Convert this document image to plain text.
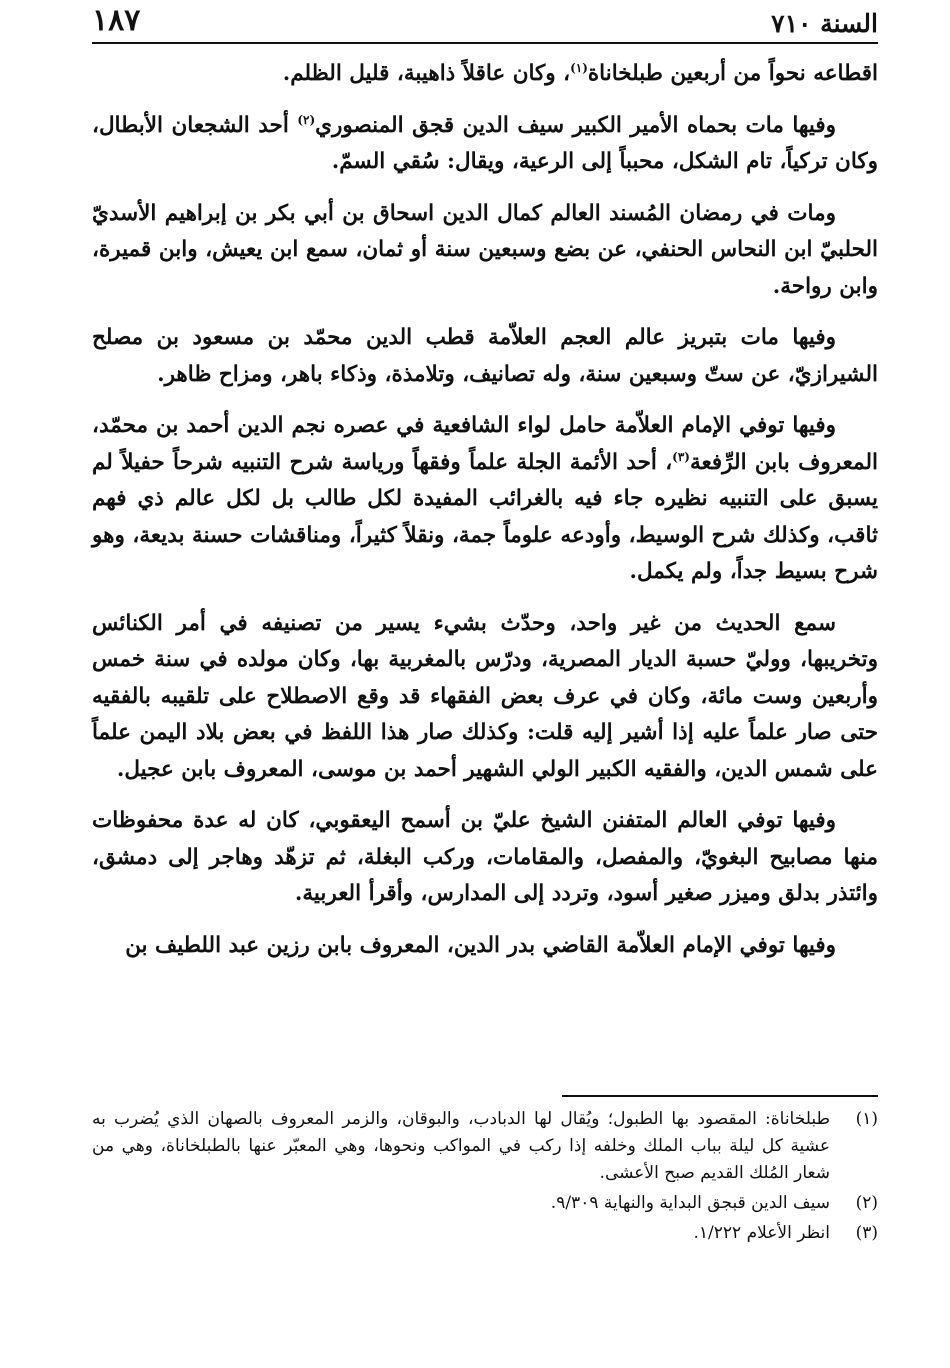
١٨٧	السنة ٧١٠

اقطاعه نحواً من أربعين طبلخاناة$^{(١)}$، وكان عاقلاً ذاهيبة، قليل الظلم.

وفيها مات بحماه الأمير الكبير سيف الدين قجق المنصوري$^{(٢)}$ أحد الشجعان الأبطال، وكان تركياً، تام الشكل، محبباً إلى الرعية، ويقال: سُقي السمّ.

ومات في رمضان المُسند العالم كمال الدين اسحاق بن أبي بكر بن إبراهيم الأسديّ الحلبيّ ابن النحاس الحنفي، عن بضع وسبعين سنة أو ثمان، سمع ابن يعيش، وابن قميرة، وابن رواحة.

وفيها مات بتبريز عالم العجم العلاّمة قطب الدين محمّد بن مسعود بن مصلح الشيرازيّ، عن ستّ وسبعين سنة، وله تصانيف، وتلامذة، وذكاء باهر، ومزاح ظاهر.

وفيها توفي الإمام العلاّمة حامل لواء الشافعية في عصره نجم الدين أحمد بن محمّد، المعروف بابن الرِّفعة$^{(٣)}$، أحد الأئمة الجلة علماً وفقهاً ورياسة شرح التنبيه شرحاً حفيلاً لم يسبق على التنبيه نظيره جاء فيه بالغرائب المفيدة لكل طالب بل لكل عالم ذي فهم ثاقب، وكذلك شرح الوسيط، وأودعه علوماً جمة، ونقلاً كثيراً، ومناقشات حسنة بديعة، وهو شرح بسيط جداً، ولم يكمل.

سمع الحديث من غير واحد، وحدّث بشيء يسير من تصنيفه في أمر الكنائس وتخريبها، ووليّ حسبة الديار المصرية، ودرّس بالمغربية بها، وكان مولده في سنة خمس وأربعين وست مائة، وكان في عرف بعض الفقهاء قد وقع الاصطلاح على تلقيبه بالفقيه حتى صار علماً عليه إذا أشير إليه قلت: وكذلك صار هذا اللفظ في بعض بلاد اليمن علماً على شمس الدين، والفقيه الكبير الولي الشهير أحمد بن موسى، المعروف بابن عجيل.

وفيها توفي العالم المتفنن الشيخ عليّ بن أسمح اليعقوبي، كان له عدة محفوظات منها مصابيح البغويّ، والمفصل، والمقامات، وركب البغلة، ثم تزهّد وهاجر إلى دمشق، وائتذر بدلق وميزر صغير أسود، وتردد إلى المدارس، وأقرأ العربية.

وفيها توفي الإمام العلاّمة القاضي بدر الدين، المعروف بابن رزين عبد اللطيف بن

(١)
طبلخاناة: المقصود بها الطبول؛ ويُقال لها الدبادب، والبوقان، والزمر المعروف بالصهان الذي يُضرب به عشية كل ليلة بباب الملك وخلفه إذا ركب في المواكب ونحوها، وهي المعبّر عنها بالطبلخاناة، وهي من شعار المُلك القديم صبح الأعشى.
(٢)
سيف الدين قبجق البداية والنهاية ٩/٣٠٩.
(٣)
انظر الأعلام ١/٢٢٢.
